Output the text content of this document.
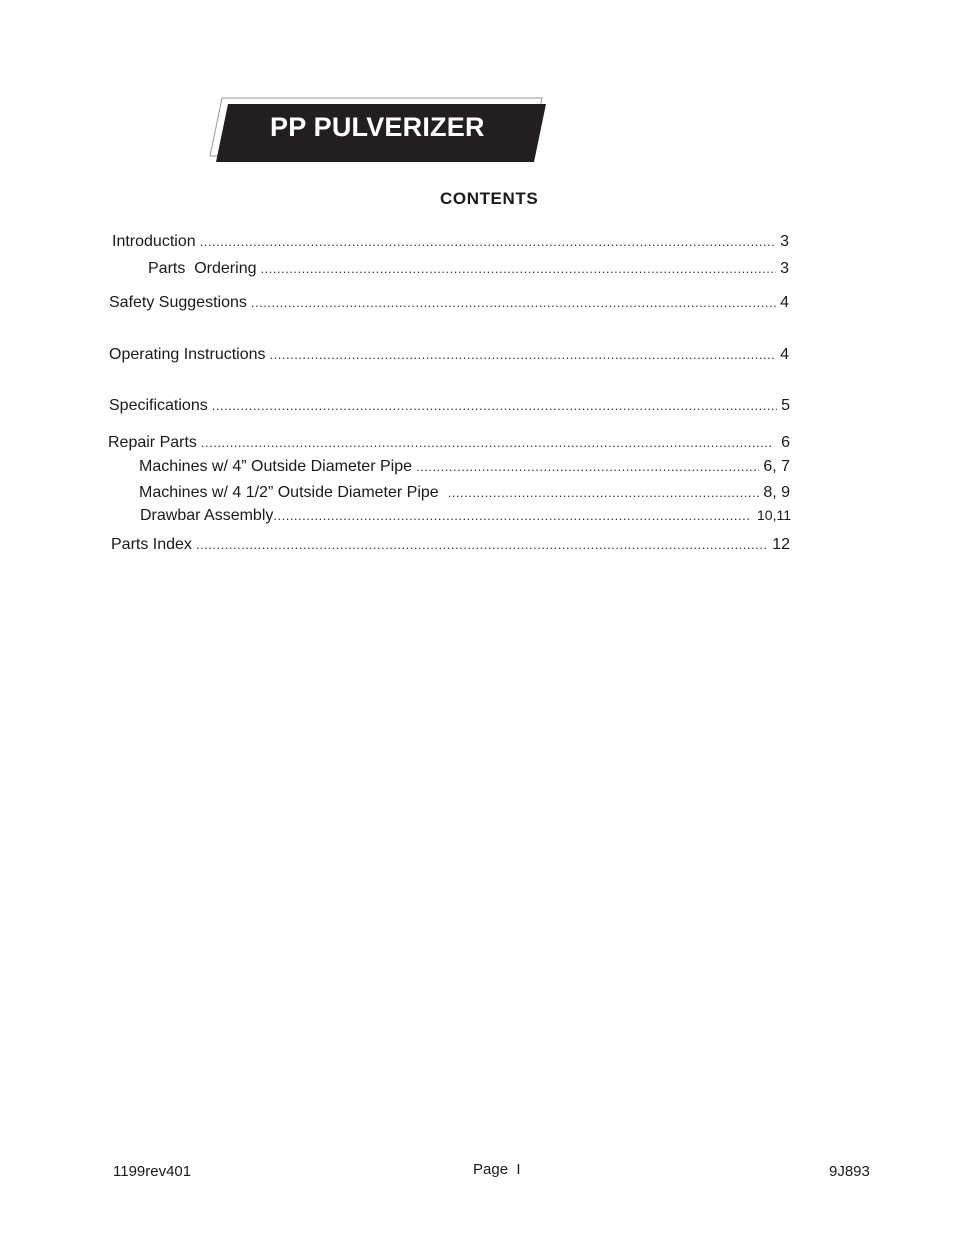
PP PULVERIZER
CONTENTS
Introduction .....	3
Parts  Ordering .....	3
Safety Suggestions .....	4
Operating Instructions .....	4
Specifications .....	5
Repair Parts .....	6
Machines w/ 4” Outside Diameter Pipe .....	6, 7
Machines w/ 4 1/2” Outside Diameter Pipe .....	8, 9
Drawbar Assembly .....	10,11
Parts Index .....	12
1199rev401	Page  I	9J893
